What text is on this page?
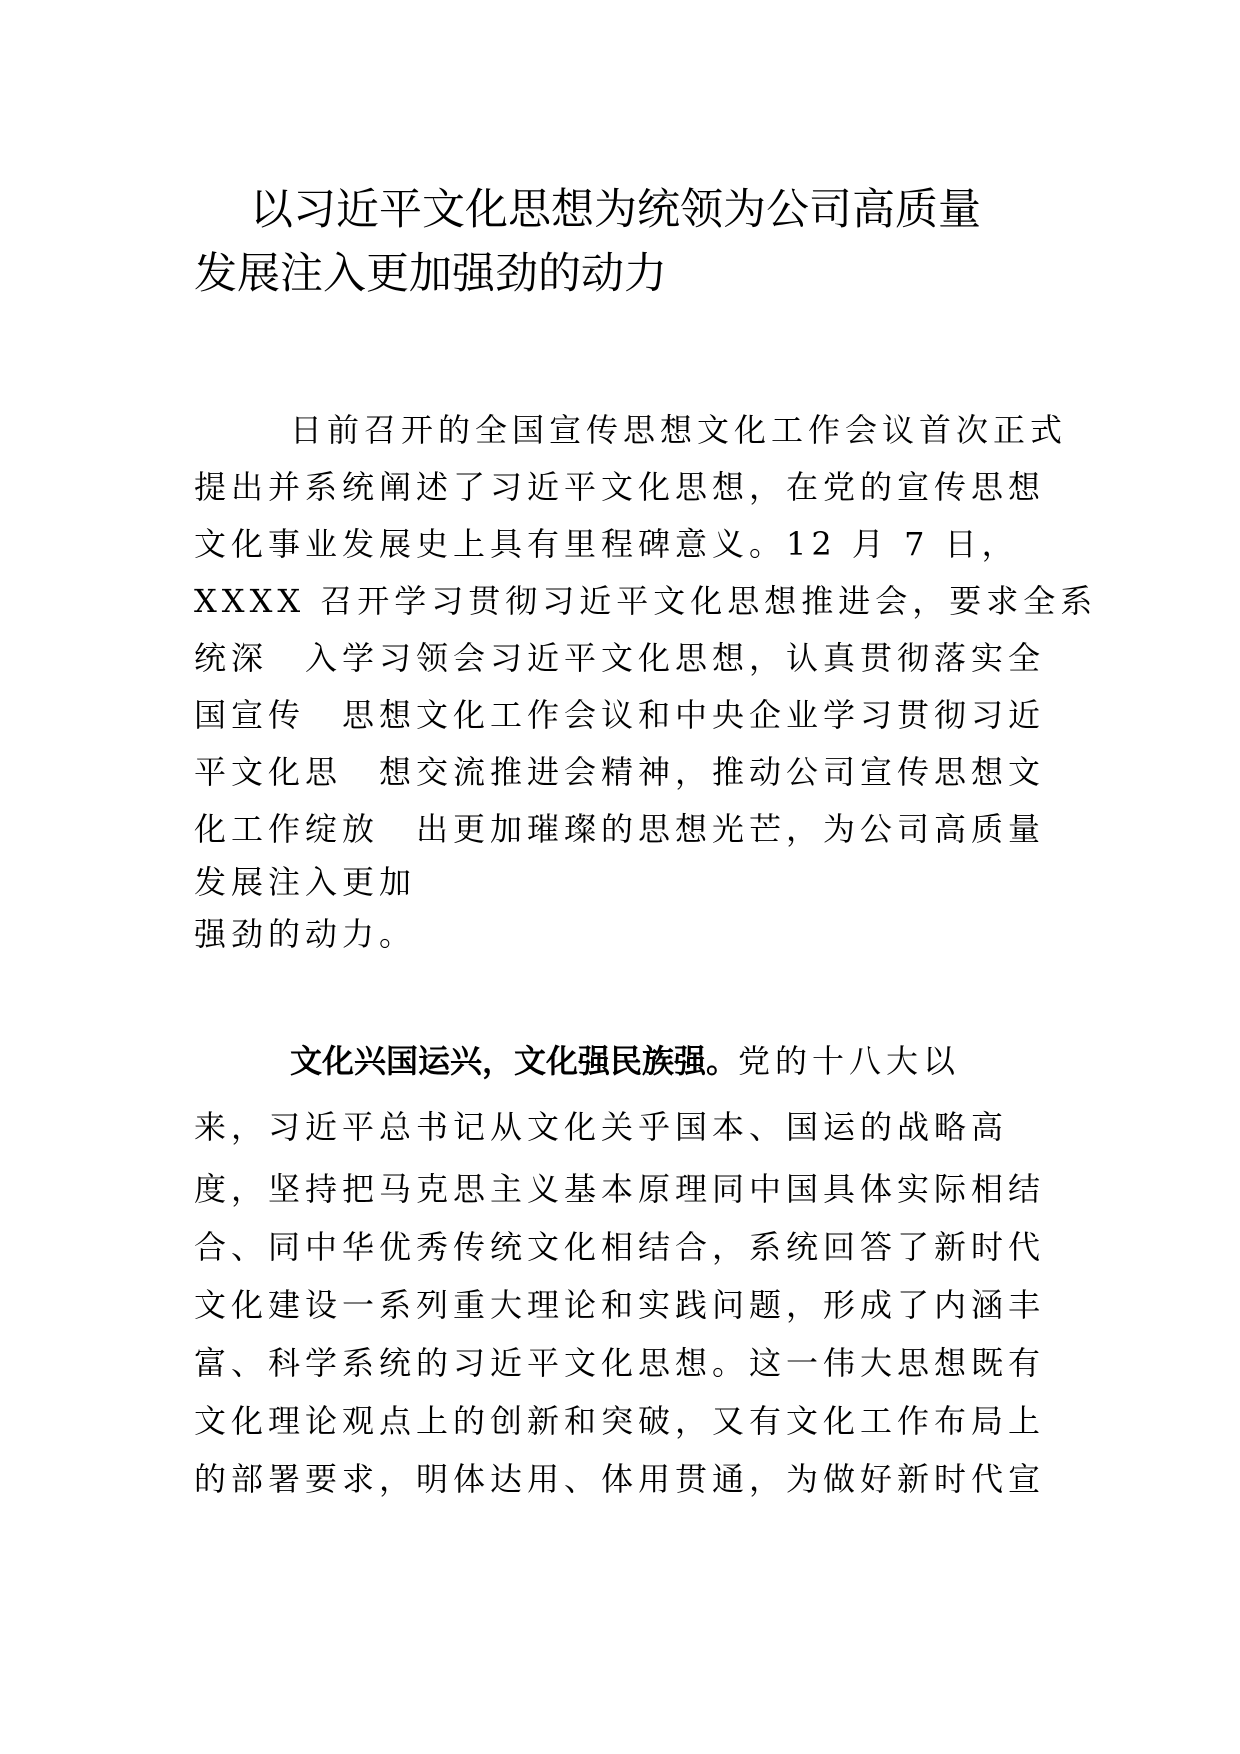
以习近平文化思想为统领为公司高质量
发展注入更加强劲的动力
日前召开的全国宣传思想文化工作会议首次正式
提出并系统阐述了习近平文化思想，在党的宣传思想
文化事业发展史上具有里程碑意义。12 月 7 日，
XXXX 召开学习贯彻习近平文化思想推进会，要求全系
统深　入学习领会习近平文化思想，认真贯彻落实全
国宣传　思想文化工作会议和中央企业学习贯彻习近
平文化思　想交流推进会精神，推动公司宣传思想文
化工作绽放　出更加璀璨的思想光芒，为公司高质量
发展注入更加
强劲的动力。
文化兴国运兴，文化强民族强。党的十八大以
来，习近平总书记从文化关乎国本、国运的战略高
度，坚持把马克思主义基本原理同中国具体实际相结
合、同中华优秀传统文化相结合，系统回答了新时代
文化建设一系列重大理论和实践问题，形成了内涵丰
富、科学系统的习近平文化思想。这一伟大思想既有
文化理论观点上的创新和突破，又有文化工作布局上
的部署要求，明体达用、体用贯通，为做好新时代宣
